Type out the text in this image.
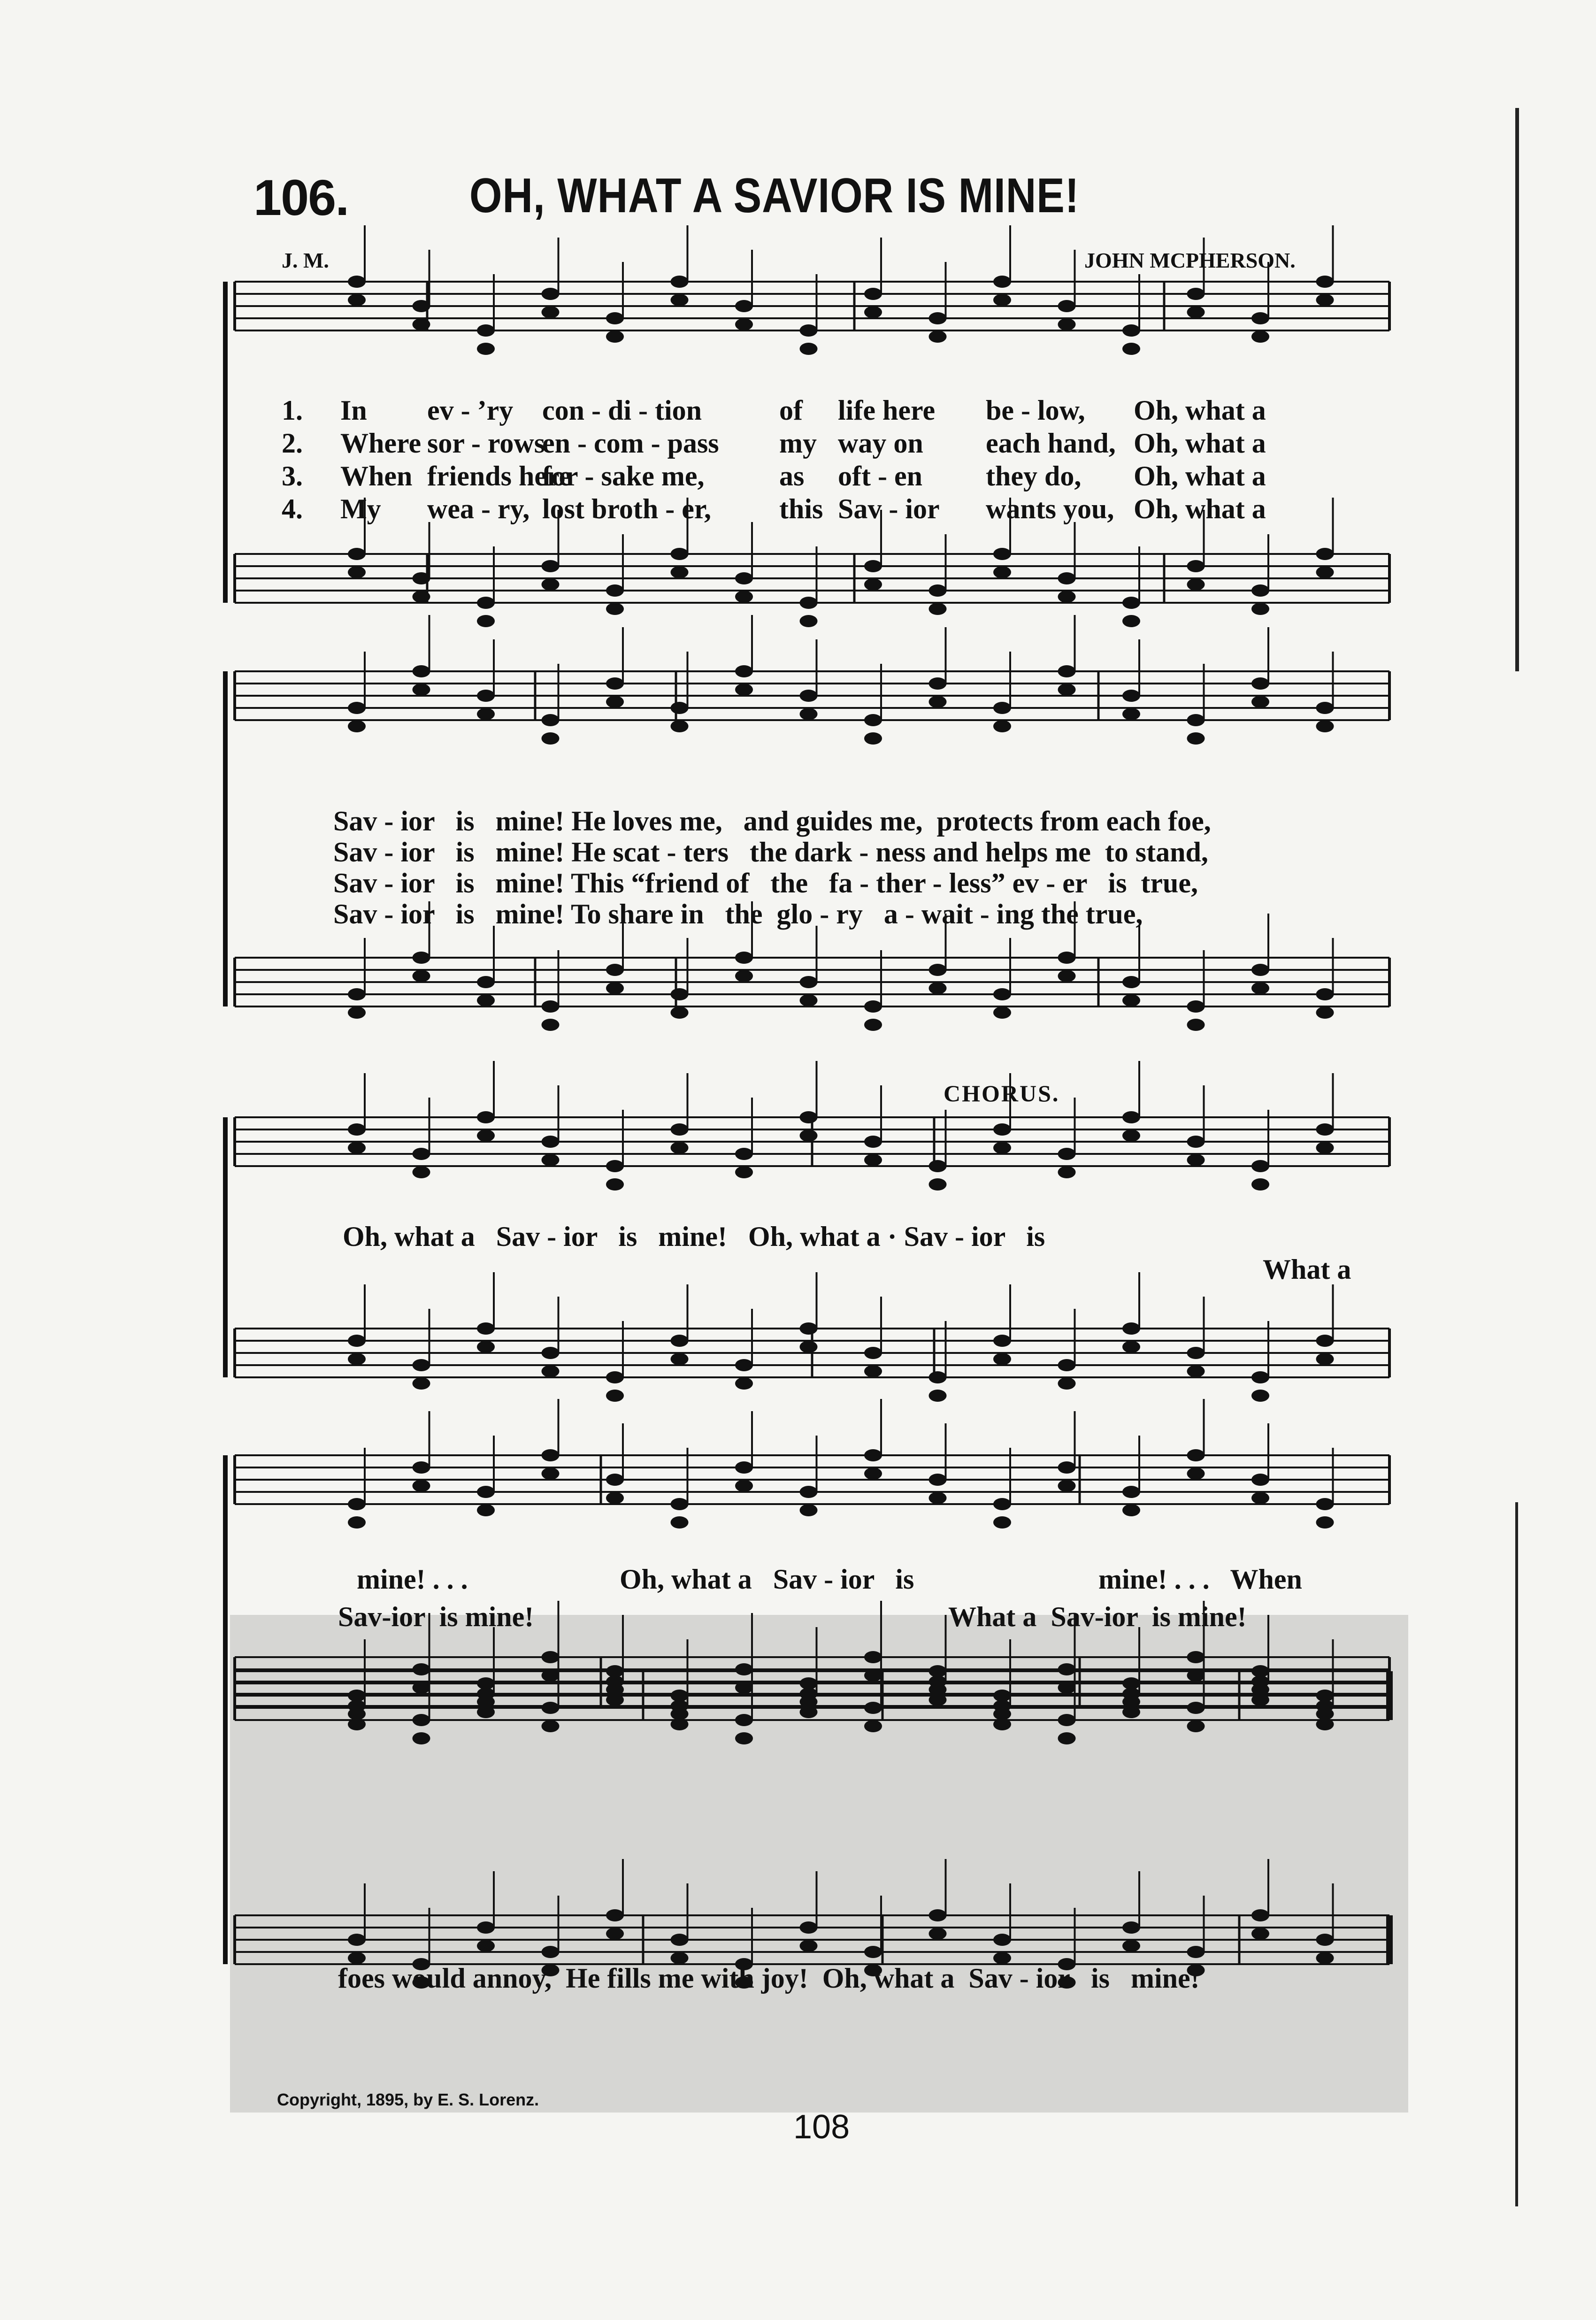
106. OH, WHAT A SAVIOR IS MINE!
J. M.	JOHN MCPHERSON.
1. In ev - ’ry con - di - tion	of life here be - low, Oh, what a
2. Where sor - rows en - com - pass my way on each hand, Oh, what a
3. When friends here for - sake me,	as oft - en they do, Oh, what a
4. My wea - ry, lost broth - er, this Sav - ior wants you, Oh, what a
Sav - ior   is   mine! He loves me,   and guides me,  protects from each foe,
Sav - ior   is   mine! He scat - ters   the dark - ness and helps me  to stand,
Sav - ior   is   mine! This “friend of   the   fa - ther - less” ev - er   is  true,
Sav - ior   is   mine! To share in   the  glo - ry   a - wait - ing the true,
CHORUS.
Oh, what a   Sav - ior   is   mine!   Oh, what a · Sav - ior   is
What a
mine! . . .	Oh, what a   Sav - ior   is	mine! . . .   When
Sav-ior  is mine!	What a  Sav-ior  is mine!
foes would annoy,  He fills me with joy!  Oh, what a  Sav - ior   is   mine!
Copyright, 1895, by E. S. Lorenz.
108
